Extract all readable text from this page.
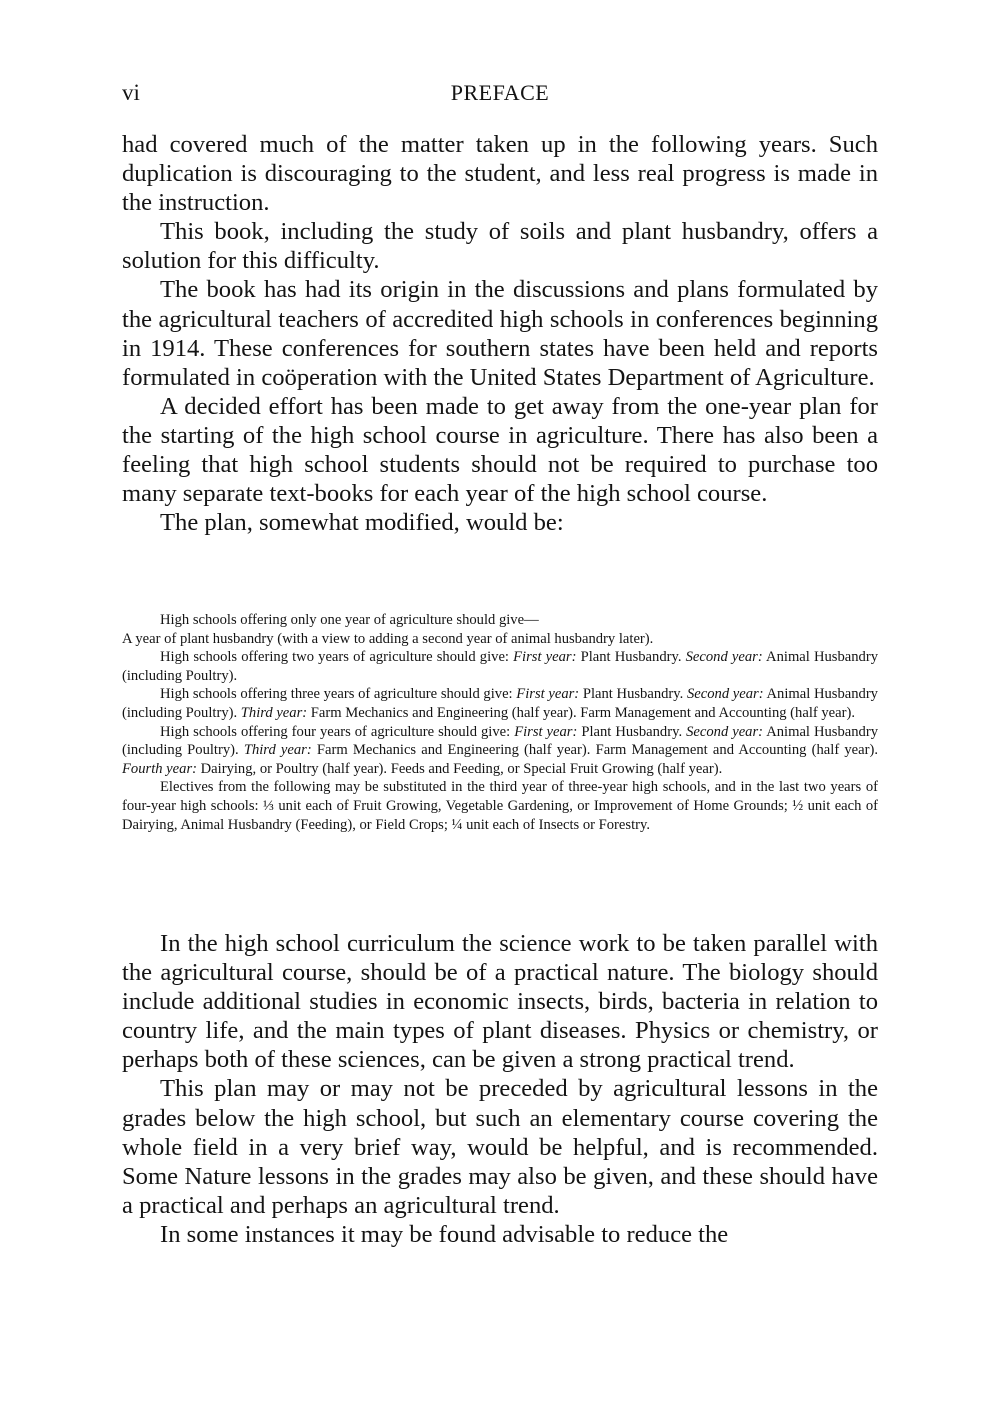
vi	PREFACE

had covered much of the matter taken up in the following years. Such duplication is discouraging to the student, and less real progress is made in the instruction.

This book, including the study of soils and plant husbandry, offers a solution for this difficulty.

The book has had its origin in the discussions and plans formulated by the agricultural teachers of accredited high schools in conferences beginning in 1914. These conferences for southern states have been held and reports formulated in coöperation with the United States Department of Agriculture.

A decided effort has been made to get away from the one-year plan for the starting of the high school course in agriculture. There has also been a feeling that high school students should not be required to purchase too many separate text-books for each year of the high school course.

The plan, somewhat modified, would be:

High schools offering only one year of agriculture should give—
A year of plant husbandry (with a view to adding a second year of animal husbandry later).

High schools offering two years of agriculture should give: First year: Plant Husbandry. Second year: Animal Husbandry (including Poultry).

High schools offering three years of agriculture should give: First year: Plant Husbandry. Second year: Animal Husbandry (including Poultry). Third year: Farm Mechanics and Engineering (half year). Farm Management and Accounting (half year).

High schools offering four years of agriculture should give: First year: Plant Husbandry. Second year: Animal Husbandry (including Poultry). Third year: Farm Mechanics and Engineering (half year). Farm Management and Accounting (half year). Fourth year: Dairying, or Poultry (half year). Feeds and Feeding, or Special Fruit Growing (half year).

Electives from the following may be substituted in the third year of three-year high schools, and in the last two years of four-year high schools: ⅓ unit each of Fruit Growing, Vegetable Gardening, or Improvement of Home Grounds; ½ unit each of Dairying, Animal Husbandry (Feeding), or Field Crops; ¼ unit each of Insects or Forestry.

In the high school curriculum the science work to be taken parallel with the agricultural course, should be of a practical nature. The biology should include additional studies in economic insects, birds, bacteria in relation to country life, and the main types of plant diseases. Physics or chemistry, or perhaps both of these sciences, can be given a strong practical trend.

This plan may or may not be preceded by agricultural lessons in the grades below the high school, but such an elementary course covering the whole field in a very brief way, would be helpful, and is recommended. Some Nature lessons in the grades may also be given, and these should have a practical and perhaps an agricultural trend.

In some instances it may be found advisable to reduce the
